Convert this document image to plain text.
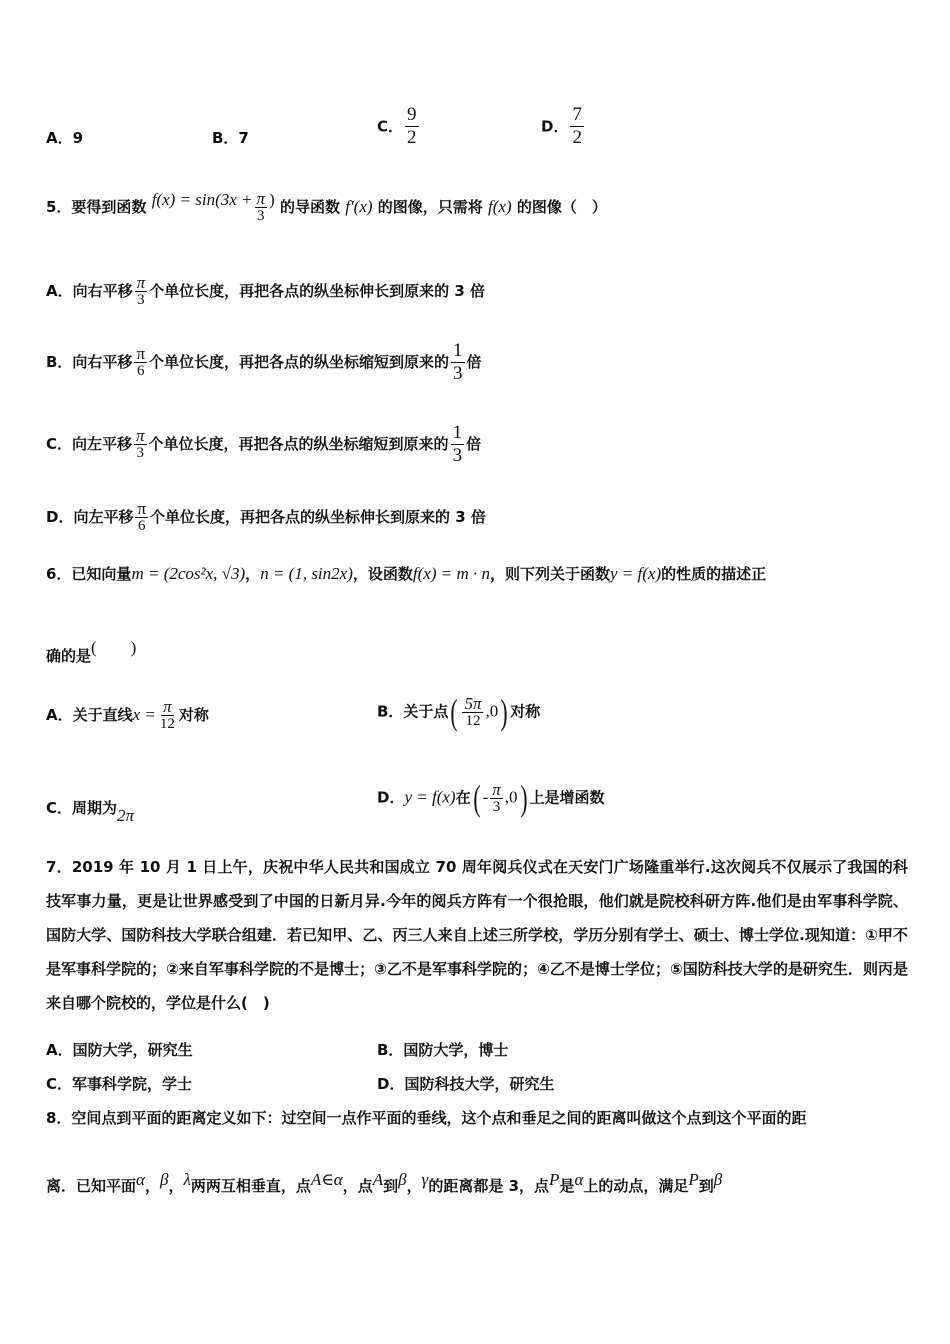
A．9	B．7
C． $\frac{9}{2}$	D． $\frac{7}{2}$
5．要得到函数 $f(x) = \sin(3x + \frac{\pi}{3}$ ) 的导函数 f′(x) 的图像，只需将 f(x) 的图像（　）
A．向右平移 $\frac{\pi}{3}$ 个单位长度，再把各点的纵坐标伸长到原来的 3 倍
B．向右平移 $\frac{\pi}{6}$ 个单位长度，再把各点的纵坐标缩短到原来的 $\frac{1}{3}$ 倍
C．向左平移 $\frac{\pi}{3}$ 个单位长度，再把各点的纵坐标缩短到原来的 $\frac{1}{3}$ 倍
D．向左平移 $\frac{\pi}{6}$ 个单位长度，再把各点的纵坐标伸长到原来的 3 倍
6．已知向量m = (2cos²x, √3)，n = (1, sin2x)，设函数f(x) = m · n，则下列关于函数y = f(x)的性质的描述正
确的是(　　)
A．关于直线$x = \frac{\pi}{12}$ 对称	B．关于点( $\frac{5\pi}{12} ,0$) 对称
C．周期为2π
D．y = f(x)在( - $\frac{\pi}{3} ,0$) 上是增函数
7．2019 年 10 月 1 日上午，庆祝中华人民共和国成立 70 周年阅兵仪式在天安门广场隆重举行.这次阅兵不仅展示了我国的科技军事力量，更是让世界感受到了中国的日新月异.今年的阅兵方阵有一个很抢眼，他们就是院校科研方阵.他们是由军事科学院、国防大学、国防科技大学联合组建．若已知甲、乙、丙三人来自上述三所学校，学历分别有学士、硕士、博士学位.现知道：①甲不是军事科学院的；②来自军事科学院的不是博士；③乙不是军事科学院的；④乙不是博士学位；⑤国防科技大学的是研究生．则丙是来自哪个院校的，学位是什么(　)
A．国防大学，研究生	B．国防大学，博士
C．军事科学院，学士	D．国防科技大学，研究生
8．空间点到平面的距离定义如下：过空间一点作平面的垂线，这个点和垂足之间的距离叫做这个点到这个平面的距
离．已知平面α，β，λ两两互相垂直，点A∈α，点A到β，γ的距离都是 3，点P是α上的动点，满足P到β
